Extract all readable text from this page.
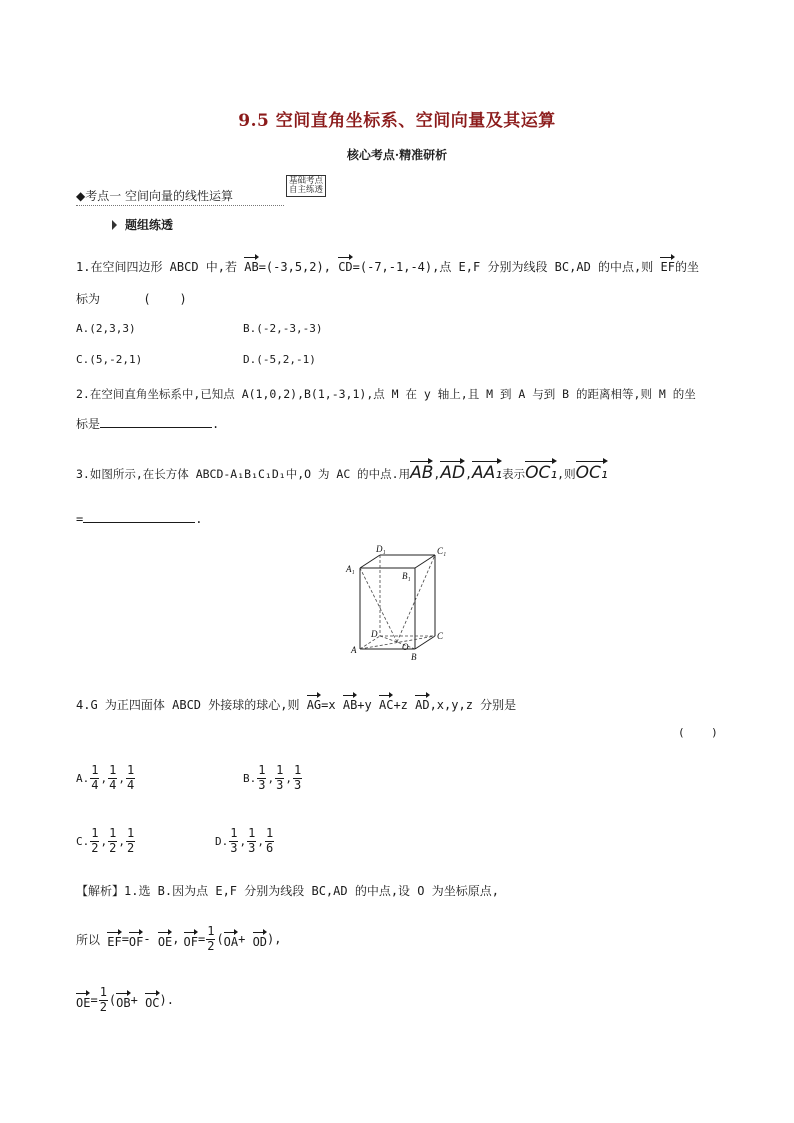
9.5 空间直角坐标系、空间向量及其运算
核心考点·精准研析
◆考点一 空间向量的线性运算
基础考点
自主练透
题组练透
1.在空间四边形 ABCD 中,若 AB=(-3,5,2), CD=(-7,-1,-4),点 E,F 分别为线段 BC,AD 的中点,则 EF的坐
标为      (    )
A.(2,3,3)	B.(-2,-3,-3)
C.(5,-2,1)	D.(-5,2,-1)
2.在空间直角坐标系中,已知点 A(1,0,2),B(1,-3,1),点 M 在 y 轴上,且 M 到 A 与到 B 的距离相等,则 M 的坐
标是	.
3.如图所示,在长方体 ABCD-A₁B₁C₁D₁中,O 为 AC 的中点.用AB,AD,AA₁表示OC₁,则OC₁
=	.
D₁	C₁
A₁
B₁
D	C
A
B
O
4.G 为正四面体 ABCD 外接球的球心,则 AG=x AB+y AC+z AD,x,y,z 分别是
(    )
A. $\frac{1}{4}$ , $\frac{1}{4}$ , $\frac{1}{4}$	B. $\frac{1}{3}$ , $\frac{1}{3}$ , $\frac{1}{3}$
C. $\frac{1}{2}$ , $\frac{1}{2}$ , $\frac{1}{2}$	D. $\frac{1}{3}$ , $\frac{1}{3}$ , $\frac{1}{6}$
【解析】1.选 B.因为点 E,F 分别为线段 BC,AD 的中点,设 O 为坐标原点,
所以 EF = OF - OE , OF = $\frac{1}{2}$ ( OA + OD ),
OE = $\frac{1}{2}$ ( OB + OC ).
